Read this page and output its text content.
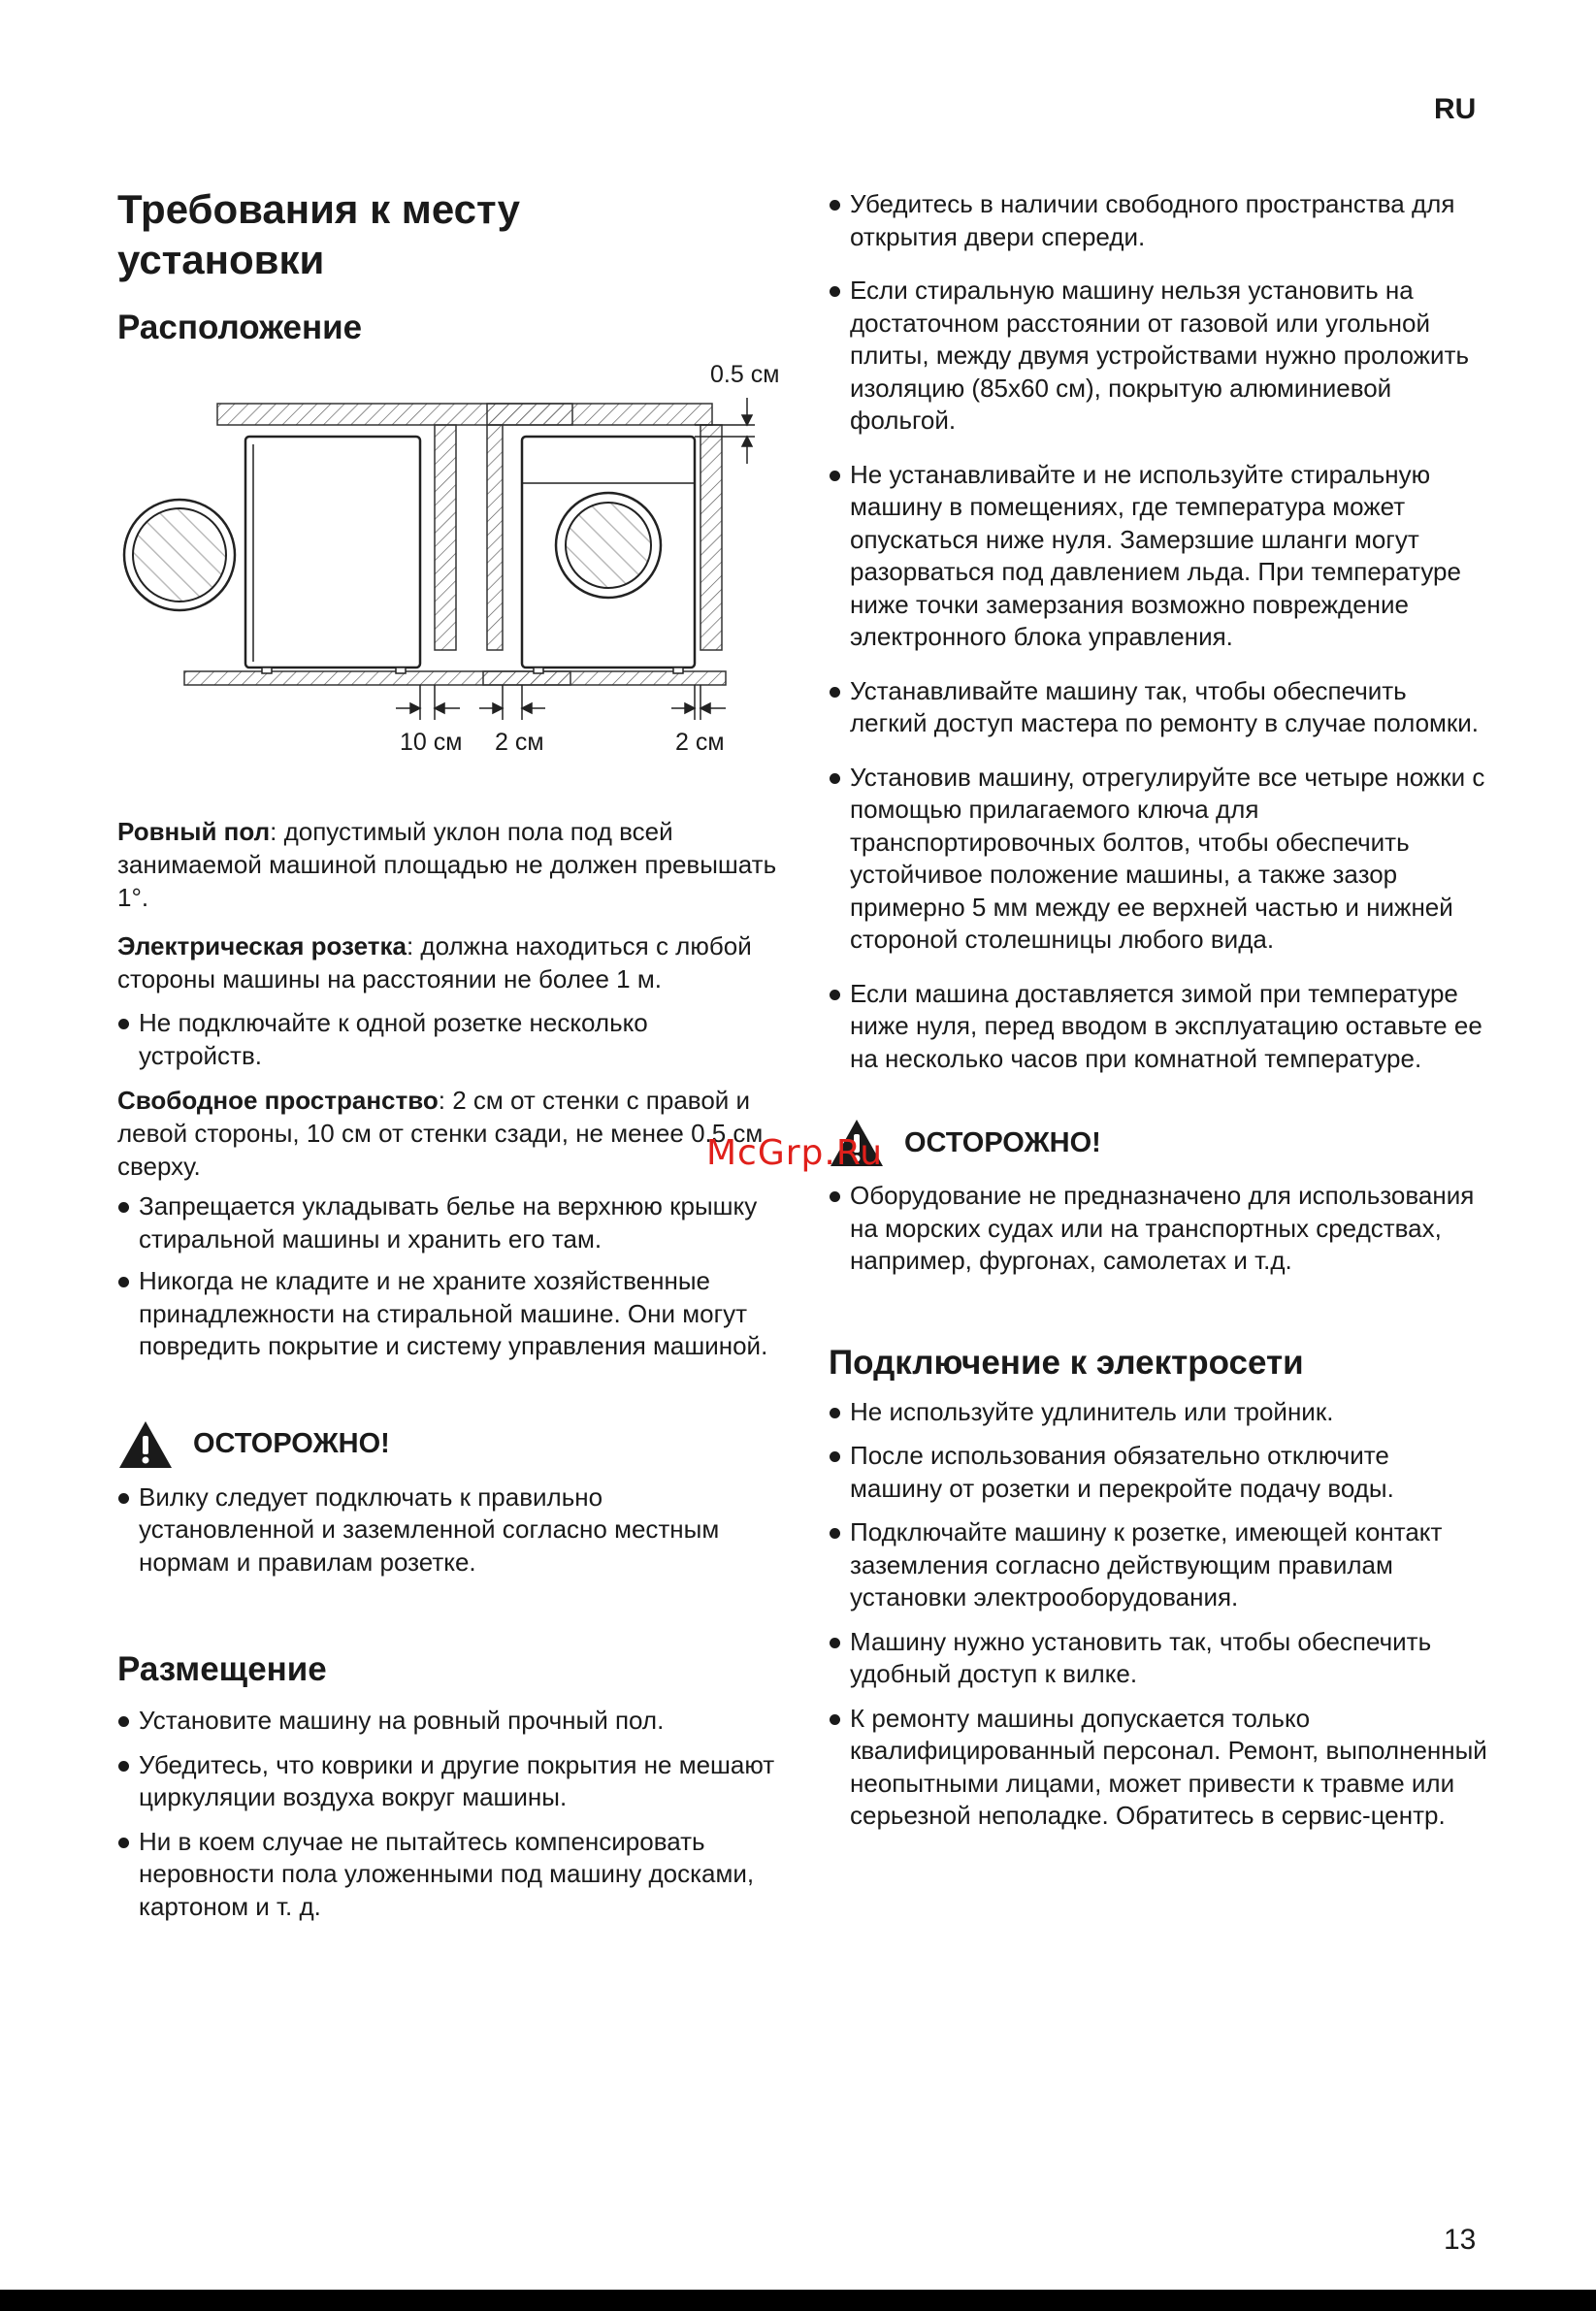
RU
Требования к месту установки
Расположение
0.5 см
10 см 2 см	2 см

Ровный пол: допустимый уклон пола под всей занимаемой машиной площадью не должен превышать 1°.

Электрическая розетка: должна находиться с любой стороны машины на расстоянии не более 1 м.

Не подключайте к одной розетке несколько устройств.

Свободное пространство: 2 см от стенки с правой и левой стороны, 10 см от стенки сзади, не менее 0.5 см сверху.

Запрещается укладывать белье на верхнюю крышку стиральной машины и хранить его там.
Никогда не кладите и не храните хозяйственные принадлежности на стиральной машине. Они могут повредить покрытие и систему управления машиной.
ОСТОРОЖНО!
Вилку следует подключать к правильно установленной и заземленной согласно местным нормам и правилам розетке.
Размещение
Установите машину на ровный прочный пол.
Убедитесь, что коврики и другие покрытия не мешают циркуляции воздуха вокруг машины.
Ни в коем случае не пытайтесь компенсировать неровности пола уложенными под машину досками, картоном и т. д.
Убедитесь в наличии свободного пространства для открытия двери спереди.
Если стиральную машину нельзя установить на достаточном расстоянии от газовой или угольной плиты, между двумя устройствами нужно проложить изоляцию (85x60 см), покрытую алюминиевой фольгой.
Не устанавливайте и не используйте стиральную машину в помещениях, где температура может опускаться ниже нуля. Замерзшие шланги могут разорваться под давлением льда. При температуре ниже точки замерзания возможно повреждение электронного блока управления.
Устанавливайте машину так, чтобы обеспечить легкий доступ мастера по ремонту в случае поломки.
Установив машину, отрегулируйте все четыре ножки с помощью прилагаемого ключа для транспортировочных болтов, чтобы обеспечить устойчивое положение машины, а также зазор примерно 5 мм между ее верхней частью и нижней стороной столешницы любого вида.
Если машина доставляется зимой при температуре ниже нуля, перед вводом в эксплуатацию оставьте ее на несколько часов при комнатной температуре.
ОСТОРОЖНО!
Оборудование не предназначено для использования на морских судах или на транспортных средствах, например, фургонах, самолетах и т.д.
Подключение к электросети
Не используйте удлинитель или тройник.
После использования обязательно отключите машину от розетки и перекройте подачу воды.
Подключайте машину к розетке, имеющей контакт заземления согласно действующим правилам установки электрооборудования.
Машину нужно установить так, чтобы обеспечить удобный доступ к вилке.
К ремонту машины допускается только квалифицированный персонал. Ремонт, выполненный неопытными лицами, может привести к травме или серьезной неполадке. Обратитесь в сервис-центр.
McGrp.Ru
13
